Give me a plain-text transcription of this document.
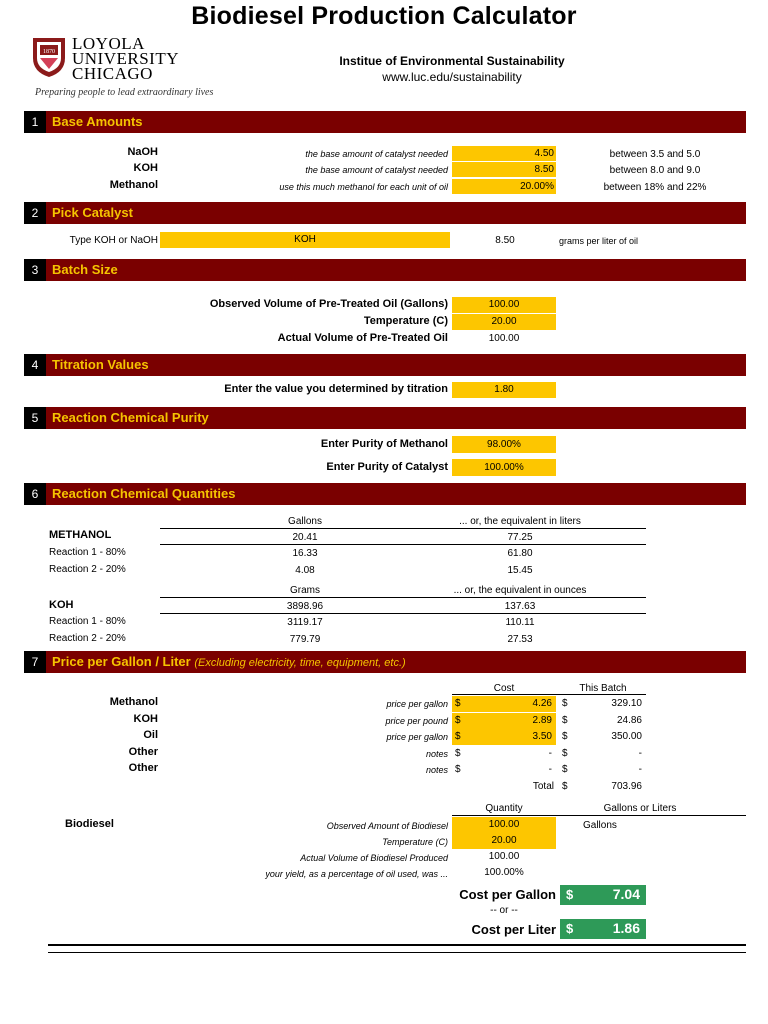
Biodiesel Production Calculator
1870 LOYOLA
UNIVERSITY
CHICAGO
Preparing people to lead extraordinary lives
Institue of Environmental Sustainability
www.luc.edu/sustainability
1	Base Amounts
NaOH	the base amount of catalyst needed	4.50	between 3.5 and 5.0
KOH	the base amount of catalyst needed	8.50	between 8.0 and 9.0
Methanol	use this much methanol for each unit of oil	20.00%	between 18% and 22%
2	Pick Catalyst
Type KOH or NaOH	KOH	8.50	grams per liter of oil
3	Batch Size
Observed Volume of Pre-Treated Oil (Gallons)	100.00
Temperature (C)	20.00
Actual Volume of Pre-Treated Oil	100.00
4	Titration Values
Enter the value you determined by titration	1.80
5	Reaction Chemical Purity
Enter Purity of Methanol	98.00%
Enter Purity of Catalyst	100.00%
6	Reaction Chemical Quantities
Gallons	... or, the equivalent in liters
METHANOL	20.41	77.25
Reaction 1 - 80%	16.33	61.80
Reaction 2 - 20%	4.08	15.45
Grams	... or, the equivalent in ounces
KOH	3898.96	137.63
Reaction 1 - 80%	3119.17	110.11
Reaction 2 - 20%	779.79	27.53
7	Price per Gallon / Liter (Excluding electricity, time, equipment, etc.)
Cost	This Batch
Methanol	price per gallon $	4.26 $	329.10
KOH	price per pound $	2.89 $	24.86
Oil	price per gallon $	3.50 $	350.00
Other	notes $	- $	-
Other	notes $	- $	-
Total $	703.96
Quantity	Gallons or Liters
Biodiesel	Observed Amount of Biodiesel	100.00	Gallons
Temperature (C)	20.00
Actual Volume of Biodiesel Produced	100.00
your yield, as a percentage of oil used, was ...	100.00%
Cost per Gallon $	7.04
-- or --
Cost per Liter $	1.86
